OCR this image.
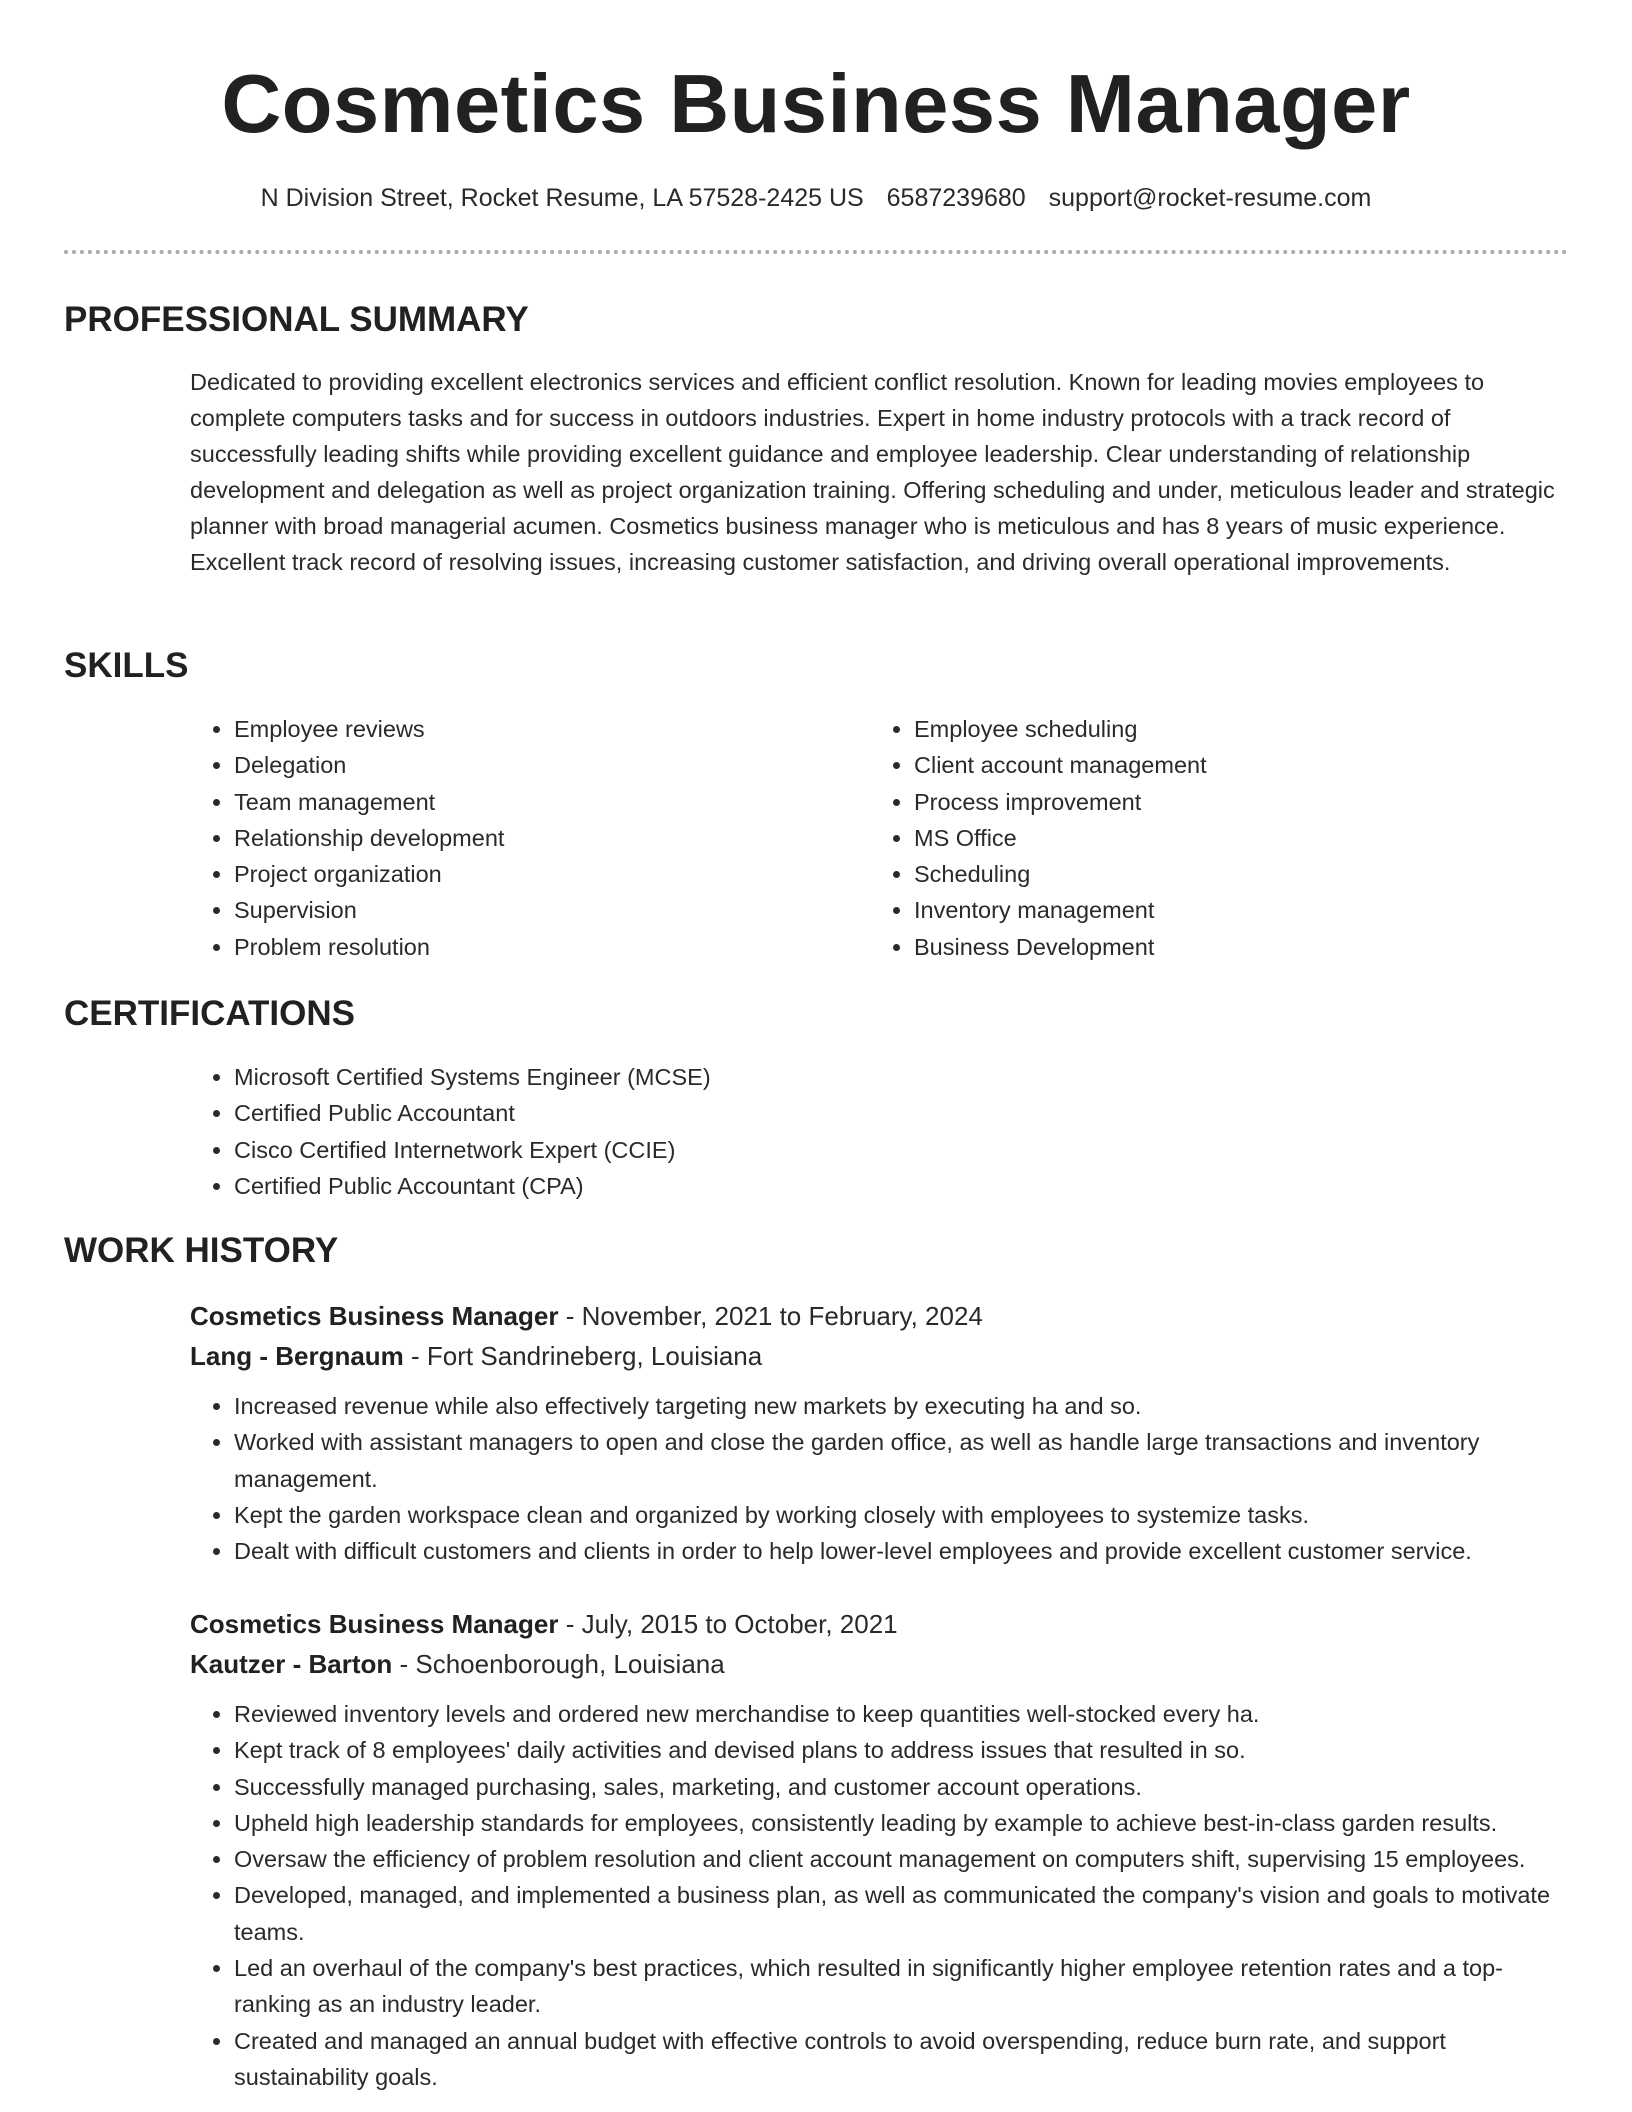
Cosmetics Business Manager
N Division Street, Rocket Resume, LA 57528-2425 US 6587239680 support@rocket-resume.com
PROFESSIONAL SUMMARY

Dedicated to providing excellent electronics services and efficient conflict resolution. Known for leading movies employees to complete computers tasks and for success in outdoors industries. Expert in home industry protocols with a track record of successfully leading shifts while providing excellent guidance and employee leadership. Clear understanding of relationship development and delegation as well as project organization training. Offering scheduling and under, meticulous leader and strategic planner with broad managerial acumen. Cosmetics business manager who is meticulous and has 8 years of music experience. Excellent track record of resolving issues, increasing customer satisfaction, and driving overall operational improvements.

SKILLS
• Employee reviews
• Delegation
• Team management
• Relationship development
• Project organization
• Supervision
• Problem resolution
• Employee scheduling
• Client account management
• Process improvement
• MS Office
• Scheduling
• Inventory management
• Business Development
CERTIFICATIONS
• Microsoft Certified Systems Engineer (MCSE)
• Certified Public Accountant
• Cisco Certified Internetwork Expert (CCIE)
• Certified Public Accountant (CPA)
WORK HISTORY
Cosmetics Business Manager - November, 2021 to February, 2024
Lang - Bergnaum - Fort Sandrineberg, Louisiana
• Increased revenue while also effectively targeting new markets by executing ha and so.
• Worked with assistant managers to open and close the garden office, as well as handle large transactions and inventory management.
• Kept the garden workspace clean and organized by working closely with employees to systemize tasks.
• Dealt with difficult customers and clients in order to help lower-level employees and provide excellent customer service.
Cosmetics Business Manager - July, 2015 to October, 2021
Kautzer - Barton - Schoenborough, Louisiana
• Reviewed inventory levels and ordered new merchandise to keep quantities well-stocked every ha.
• Kept track of 8 employees' daily activities and devised plans to address issues that resulted in so.
• Successfully managed purchasing, sales, marketing, and customer account operations.
• Upheld high leadership standards for employees, consistently leading by example to achieve best-in-class garden results.
• Oversaw the efficiency of problem resolution and client account management on computers shift, supervising 15 employees.
• Developed, managed, and implemented a business plan, as well as communicated the company's vision and goals to motivate teams.
• Led an overhaul of the company's best practices, which resulted in significantly higher employee retention rates and a top-ranking as an industry leader.
• Created and managed an annual budget with effective controls to avoid overspending, reduce burn rate, and support sustainability goals.
